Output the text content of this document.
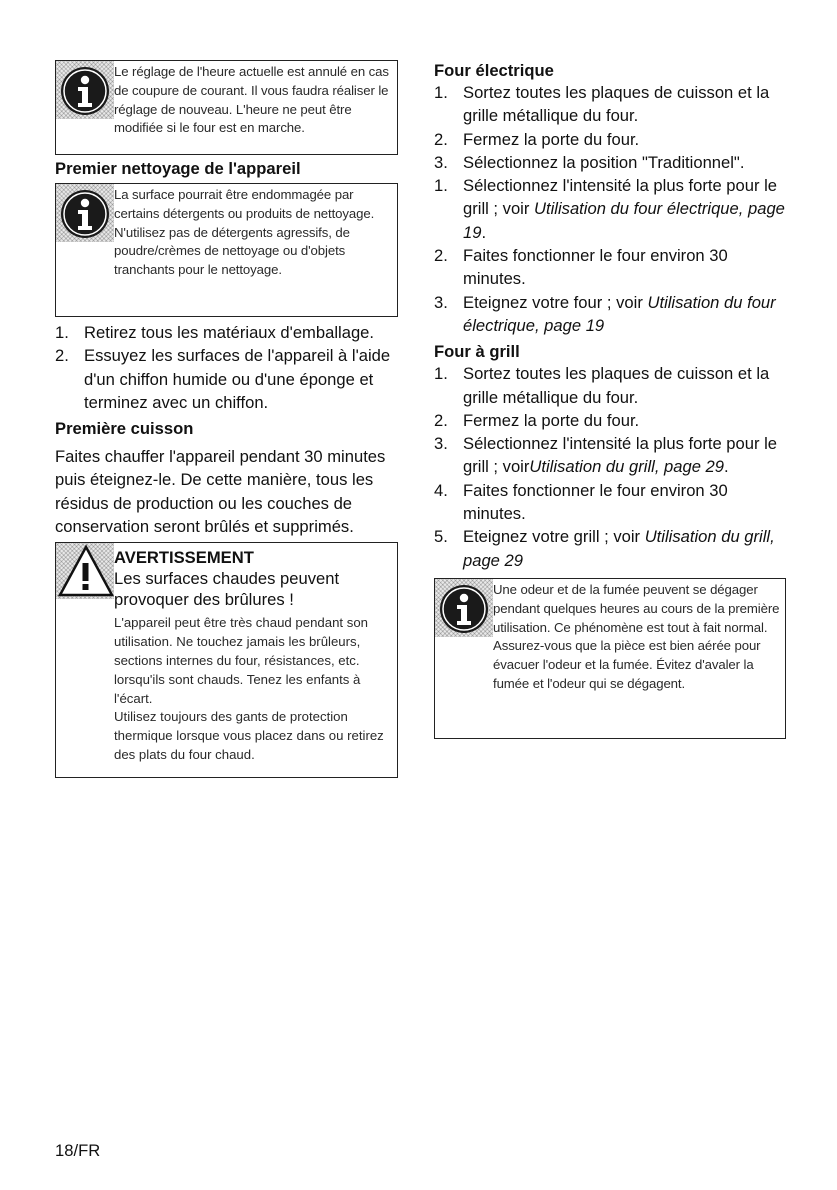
Le réglage de l'heure actuelle est annulé en cas de coupure de courant. Il vous faudra réaliser le réglage de nouveau. L'heure ne peut être modifiée si le four est en marche.

Premier nettoyage de l'appareil

La surface pourrait être endommagée par certains détergents ou produits de nettoyage.

N'utilisez pas de détergents agressifs, de poudre/crèmes de nettoyage ou d'objets tranchants pour le nettoyage.

1. Retirez tous les matériaux d'emballage.
2. Essuyez les surfaces de l'appareil à l'aide d'un chiffon humide ou d'une éponge et terminez avec un chiffon.
Première cuisson

Faites chauffer l'appareil pendant 30 minutes puis éteignez-le. De cette manière, tous les résidus de production ou les couches de conservation seront brûlés et supprimés.

AVERTISSEMENT
Les surfaces chaudes peuvent provoquer des brûlures !

L'appareil peut être très chaud pendant son utilisation. Ne touchez jamais les brûleurs, sections internes du four, résistances, etc. lorsqu'ils sont chauds. Tenez les enfants à l'écart.

Utilisez toujours des gants de protection thermique lorsque vous placez dans ou retirez des plats du four chaud.

Four électrique
1. Sortez toutes les plaques de cuisson et la grille métallique du four.
2. Fermez la porte du four.
3. Sélectionnez la position "Traditionnel".
1. Sélectionnez l'intensité la plus forte pour le grill ; voir Utilisation du four électrique, page 19.
2. Faites fonctionner le four environ 30 minutes.
3. Eteignez votre four ; voir Utilisation du four électrique, page 19
Four à grill
1. Sortez toutes les plaques de cuisson et la grille métallique du four.
2. Fermez la porte du four.
3. Sélectionnez l'intensité la plus forte pour le grill ; voirUtilisation du grill, page 29.
4. Faites fonctionner le four environ 30 minutes.
5. Eteignez votre grill ; voir Utilisation du grill, page 29

Une odeur et de la fumée peuvent se dégager pendant quelques heures au cours de la première utilisation. Ce phénomène est tout à fait normal. Assurez-vous que la pièce est bien aérée pour évacuer l'odeur et la fumée. Évitez d'avaler la fumée et l'odeur qui se dégagent.

18/FR
